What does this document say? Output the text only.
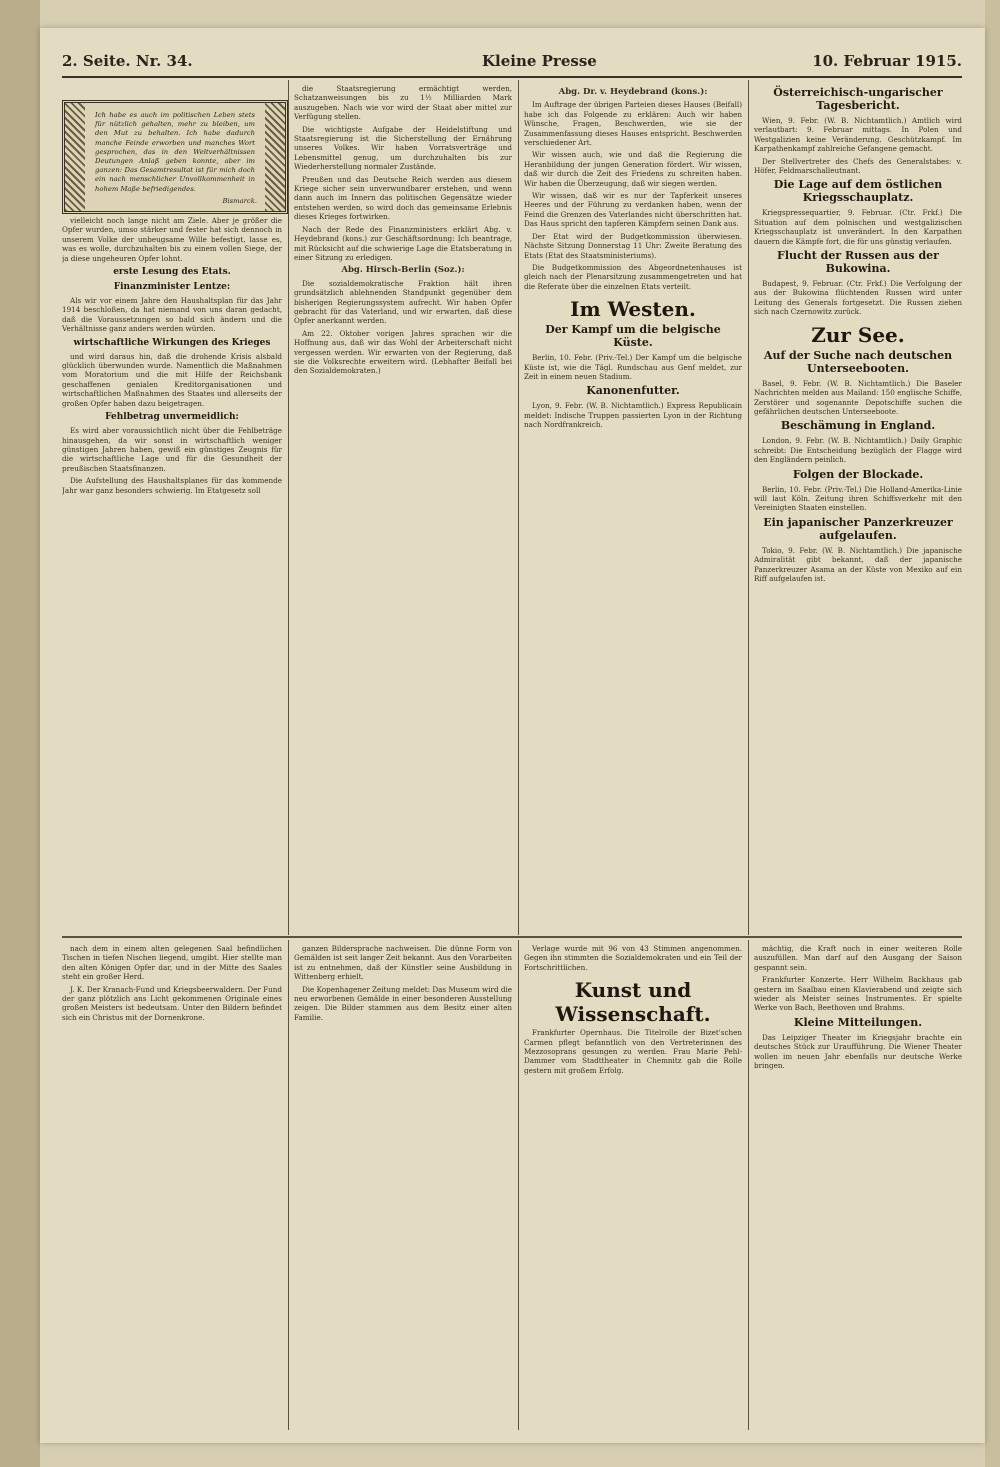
2. Seite. Nr. 34.	Kleine Presse	10. Februar 1915.
Ich habe es auch im politischen Leben stets für nützlich gehalten, mehr zu bleiben, um den Mut zu behalten. Ich habe dadurch manche Feinde erworben und manches Wort gesprochen, das in den Weltverhältnissen Deutungen Anlaß geben konnte, aber im ganzen: Das Gesamtresultat ist für mich doch ein nach menschlicher Unvollkommenheit in hohem Maße befriedigendes.
Bismarck.

vielleicht noch lange nicht am Ziele. Aber je größer die Opfer wurden, umso stärker und fester hat sich dennoch in unserem Volke der unbeugsame Wille befestigt, lasse es, was es wolle, durchzuhalten bis zu einem vollen Siege, der ja diese ungeheuren Opfer lohnt.

erste Lesung des Etats.
Finanzminister Lentze:

Als wir vor einem Jahre den Haushaltsplan für das Jahr 1914 beschloßen, da hat niemand von uns daran gedacht, daß die Voraussetzungen so bald sich ändern und die Verhältnisse ganz anders werden würden.

wirtschaftliche Wirkungen des Krieges

und wird daraus hin, daß die drohende Krisis alsbald glücklich überwunden wurde. Namentlich die Maßnahmen vom Moratorium und die mit Hilfe der Reichsbank geschaffenen genialen Kreditorganisationen und wirtschaftlichen Maßnahmen des Staates und allerseits der großen Opfer haben dazu beigetragen.

Fehlbetrag unvermeidlich:

Es wird aber voraussichtlich nicht über die Fehlbeträge hinausgehen, da wir sonst in wirtschaftlich weniger günstigen Jahren haben, gewiß ein günstiges Zeugnis für die wirtschaftliche Lage und für die Gesundheit der preußischen Staatsfinanzen.

Die Aufstellung des Haushaltsplanes für das kommende Jahr war ganz besonders schwierig. Im Etatgesetz soll

die Staatsregierung ermächtigt werden, Schatzanweisungen bis zu 1½ Milliarden Mark auszugeben. Nach wie vor wird der Staat aber mittel zur Verfügung stellen.

Die wichtigste Aufgabe der Heidelstiftung und Staatsregierung ist die Sicherstellung der Ernährung unseres Volkes. Wir haben Vorratsverträge und Lebensmittel genug, um durchzuhalten bis zur Wiederherstellung normaler Zustände.

Preußen und das Deutsche Reich werden aus diesem Kriege sicher sein unverwundbarer erstehen, und wenn dann auch im Innern das politischen Gegensätze wieder entstehen werden, so wird doch das gemeinsame Erlebnis dieses Krieges fortwirken.

Nach der Rede des Finanzministers erklärt Abg. v. Heydebrand (kons.) zur Geschäftsordnung: Ich beantrage, mit Rücksicht auf die schwierige Lage die Etatsberatung in einer Sitzung zu erledigen.

Abg. Hirsch-Berlin (Soz.):

Die sozialdemokratische Fraktion hält ihren grundsätzlich ablehnenden Standpunkt gegenüber dem bisherigen Regierungssystem aufrecht. Wir haben Opfer gebracht für das Vaterland, und wir erwarten, daß diese Opfer anerkannt werden.

Am 22. Oktober vorigen Jahres sprachen wir die Hoffnung aus, daß wir das Wohl der Arbeiterschaft nicht vergessen werden. Wir erwarten von der Regierung, daß sie die Volksrechte erweitern wird. (Lebhafter Beifall bei den Sozialdemokraten.)

Abg. Dr. v. Heydebrand (kons.):

Im Auftrage der übrigen Parteien dieses Hauses (Beifall) habe ich das Folgende zu erklären: Auch wir haben Wünsche, Fragen, Beschwerden, wie sie der Zusammenfassung dieses Hauses entspricht. Beschwerden verschiedener Art.

Wir wissen auch, wie und daß die Regierung die Heranbildung der jungen Generation fördert. Wir wissen, daß wir durch die Zeit des Friedens zu schreiten haben. Wir haben die Überzeugung, daß wir siegen werden.

Wir wissen, daß wir es nur der Tapferkeit unseres Heeres und der Führung zu verdanken haben, wenn der Feind die Grenzen des Vaterlandes nicht überschritten hat. Das Haus spricht den tapferen Kämpfern seinen Dank aus.

Der Etat wird der Budgetkommission überwiesen. Nächste Sitzung Donnerstag 11 Uhr: Zweite Beratung des Etats (Etat des Staatsministeriums).

Die Budgetkommission des Abgeordnetenhauses ist gleich nach der Plenarsitzung zusammengetreten und hat die Referate über die einzelnen Etats verteilt.

Im Westen.
Der Kampf um die belgische Küste.

Berlin, 10. Febr. (Priv.-Tel.) Der Kampf um die belgische Küste ist, wie die Tägl. Rundschau aus Genf meldet, zur Zeit in einem neuen Stadium.

Kanonenfutter.

Lyon, 9. Febr. (W. B. Nichtamtlich.) Express Republicain meldet: Indische Truppen passierten Lyon in der Richtung nach Nordfrankreich.

Österreichisch-ungarischer Tagesbericht.

Wien, 9. Febr. (W. B. Nichtamtlich.) Amtlich wird verlautbart: 9. Februar mittags. In Polen und Westgalizien keine Veränderung. Geschützkampf. Im Karpathenkampf zahlreiche Gefangene gemacht.

Der Stellvertreter des Chefs des Generalstabes: v. Höfer, Feldmarschalleutnant.

Die Lage auf dem östlichen Kriegsschauplatz.

Kriegspressequartier, 9. Februar. (Ctr. Frkf.) Die Situation auf dem polnischen und westgalizischen Kriegsschauplatz ist unverändert. In den Karpathen dauern die Kämpfe fort, die für uns günstig verlaufen.

Flucht der Russen aus der Bukowina.

Budapest, 9. Februar. (Ctr. Frkf.) Die Verfolgung der aus der Bukowina flüchtenden Russen wird unter Leitung des Generals fortgesetzt. Die Russen ziehen sich nach Czernowitz zurück.

Zur See.
Auf der Suche nach deutschen Unterseebooten.

Basel, 9. Febr. (W. B. Nichtamtlich.) Die Baseler Nachrichten melden aus Mailand: 150 englische Schiffe, Zerstörer und sogenannte Depotschiffe suchen die gefährlichen deutschen Unterseeboote.

Beschämung in England.

London, 9. Febr. (W. B. Nichtamtlich.) Daily Graphic schreibt: Die Entscheidung bezüglich der Flagge wird den Engländern peinlich.

Folgen der Blockade.

Berlin, 10. Febr. (Priv.-Tel.) Die Holland-Amerika-Linie will laut Köln. Zeitung ihren Schiffsverkehr mit den Vereinigten Staaten einstellen.

Ein japanischer Panzerkreuzer aufgelaufen.

Tokio, 9. Febr. (W. B. Nichtamtlich.) Die japanische Admiralität gibt bekannt, daß der japanische Panzerkreuzer Asama an der Küste von Mexiko auf ein Riff aufgelaufen ist.

nach dem in einem alten gelegenen Saal befindlichen Tischen in tiefen Nischen liegend, umgibt. Hier stellte man den alten Königen Opfer dar, und in der Mitte des Saales steht ein großer Herd.

J. K. Der Kranach-Fund und Kriegsbeerwaldern. Der Fund der ganz plötzlich ans Licht gekommenen Originale eines großen Meisters ist bedeutsam. Unter den Bildern befindet sich ein Christus mit der Dornenkrone.

ganzen Bildersprache nachweisen. Die dünne Form von Gemälden ist seit langer Zeit bekannt. Aus den Vorarbeiten ist zu entnehmen, daß der Künstler seine Ausbildung in Wittenberg erhielt.

Die Kopenhagener Zeitung meldet: Das Museum wird die neu erworbenen Gemälde in einer besonderen Ausstellung zeigen. Die Bilder stammen aus dem Besitz einer alten Familie.

Verlage wurde mit 96 von 43 Stimmen angenommen. Gegen ihn stimmten die Sozialdemokraten und ein Teil der Fortschrittlichen.

Kunst und Wissenschaft.

Frankfurter Opernhaus. Die Titelrolle der Bizet'schen Carmen pflegt befanntlich von den Vertreterinnen des Mezzosoprans gesungen zu werden. Frau Marie Pehl-Dammer vom Stadttheater in Chemnitz gab die Rolle gestern mit großem Erfolg.

mächtig, die Kraft noch in einer weiteren Rolle auszufüllen. Man darf auf den Ausgang der Saison gespannt sein.

Frankfurter Konzerte. Herr Wilhelm Backhaus gab gestern im Saalbau einen Klavierabend und zeigte sich wieder als Meister seines Instrumentes. Er spielte Werke von Bach, Beethoven und Brahms.

Kleine Mitteilungen.

Das Leipziger Theater im Kriegsjahr brachte ein deutsches Stück zur Uraufführung. Die Wiener Theater wollen im neuen Jahr ebenfalls nur deutsche Werke bringen.
